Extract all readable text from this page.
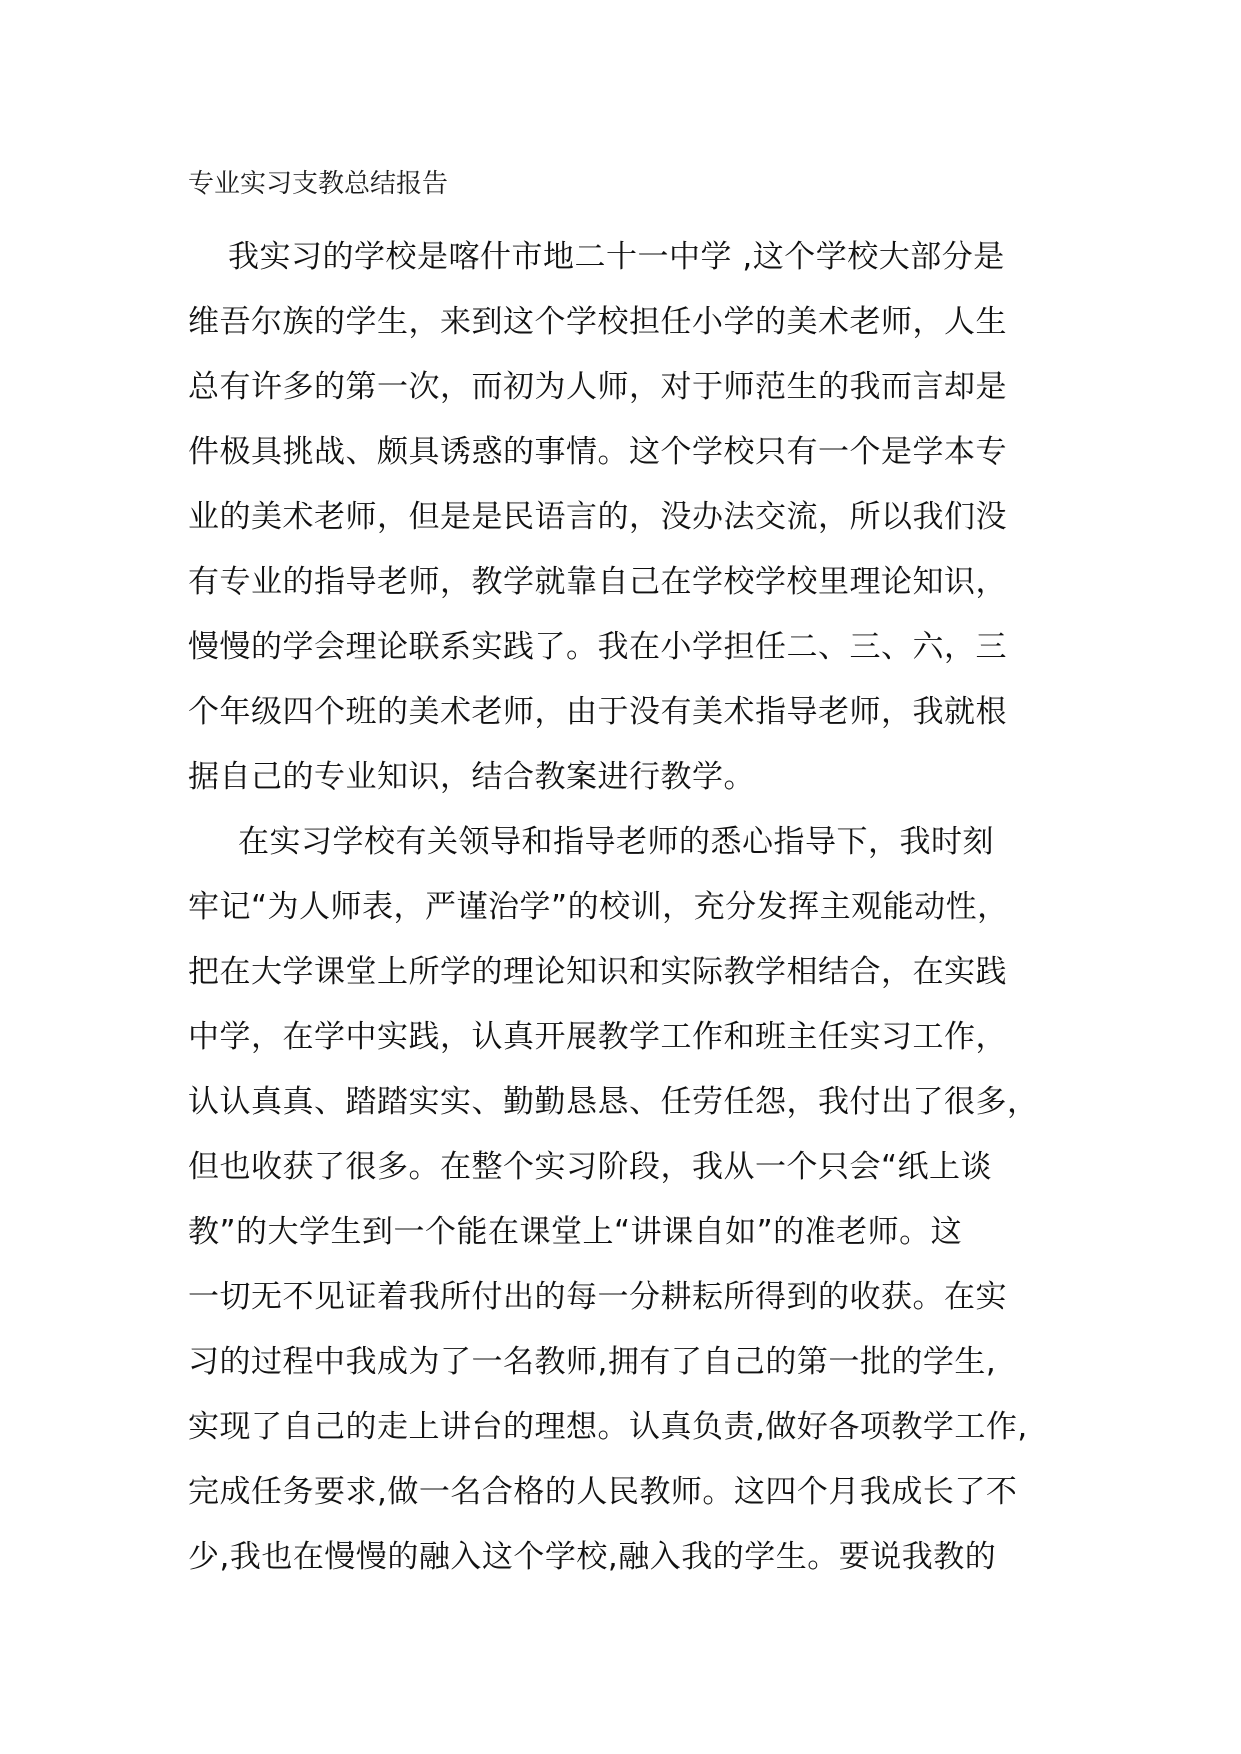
专业实习支教总结报告

我实习的学校是喀什市地二十一中学 ,这个学校大部分是
维吾尔族的学生，来到这个学校担任小学的美术老师，人生
总有许多的第一次，而初为人师，对于师范生的我而言却是
件极具挑战、颇具诱惑的事情。这个学校只有一个是学本专
业的美术老师，但是是民语言的，没办法交流，所以我们没
有专业的指导老师，教学就靠自己在学校学校里理论知识，
慢慢的学会理论联系实践了。我在小学担任二、三、六，三
个年级四个班的美术老师，由于没有美术指导老师，我就根
据自己的专业知识，结合教案进行教学。

在实习学校有关领导和指导老师的悉心指导下，我时刻
牢记“为人师表，严谨治学”的校训，充分发挥主观能动性，
把在大学课堂上所学的理论知识和实际教学相结合，在实践
中学，在学中实践，认真开展教学工作和班主任实习工作，
认认真真、踏踏实实、勤勤恳恳、任劳任怨，我付出了很多，
但也收获了很多。在整个实习阶段，我从一个只会“纸上谈
教”的大学生到一个能在课堂上“讲课自如”的准老师。这
一切无不见证着我所付出的每一分耕耘所得到的收获。在实
习的过程中我成为了一名教师,拥有了自己的第一批的学生,
实现了自己的走上讲台的理想。认真负责,做好各项教学工作,
完成任务要求,做一名合格的人民教师。这四个月我成长了不
少,我也在慢慢的融入这个学校,融入我的学生。要说我教的
